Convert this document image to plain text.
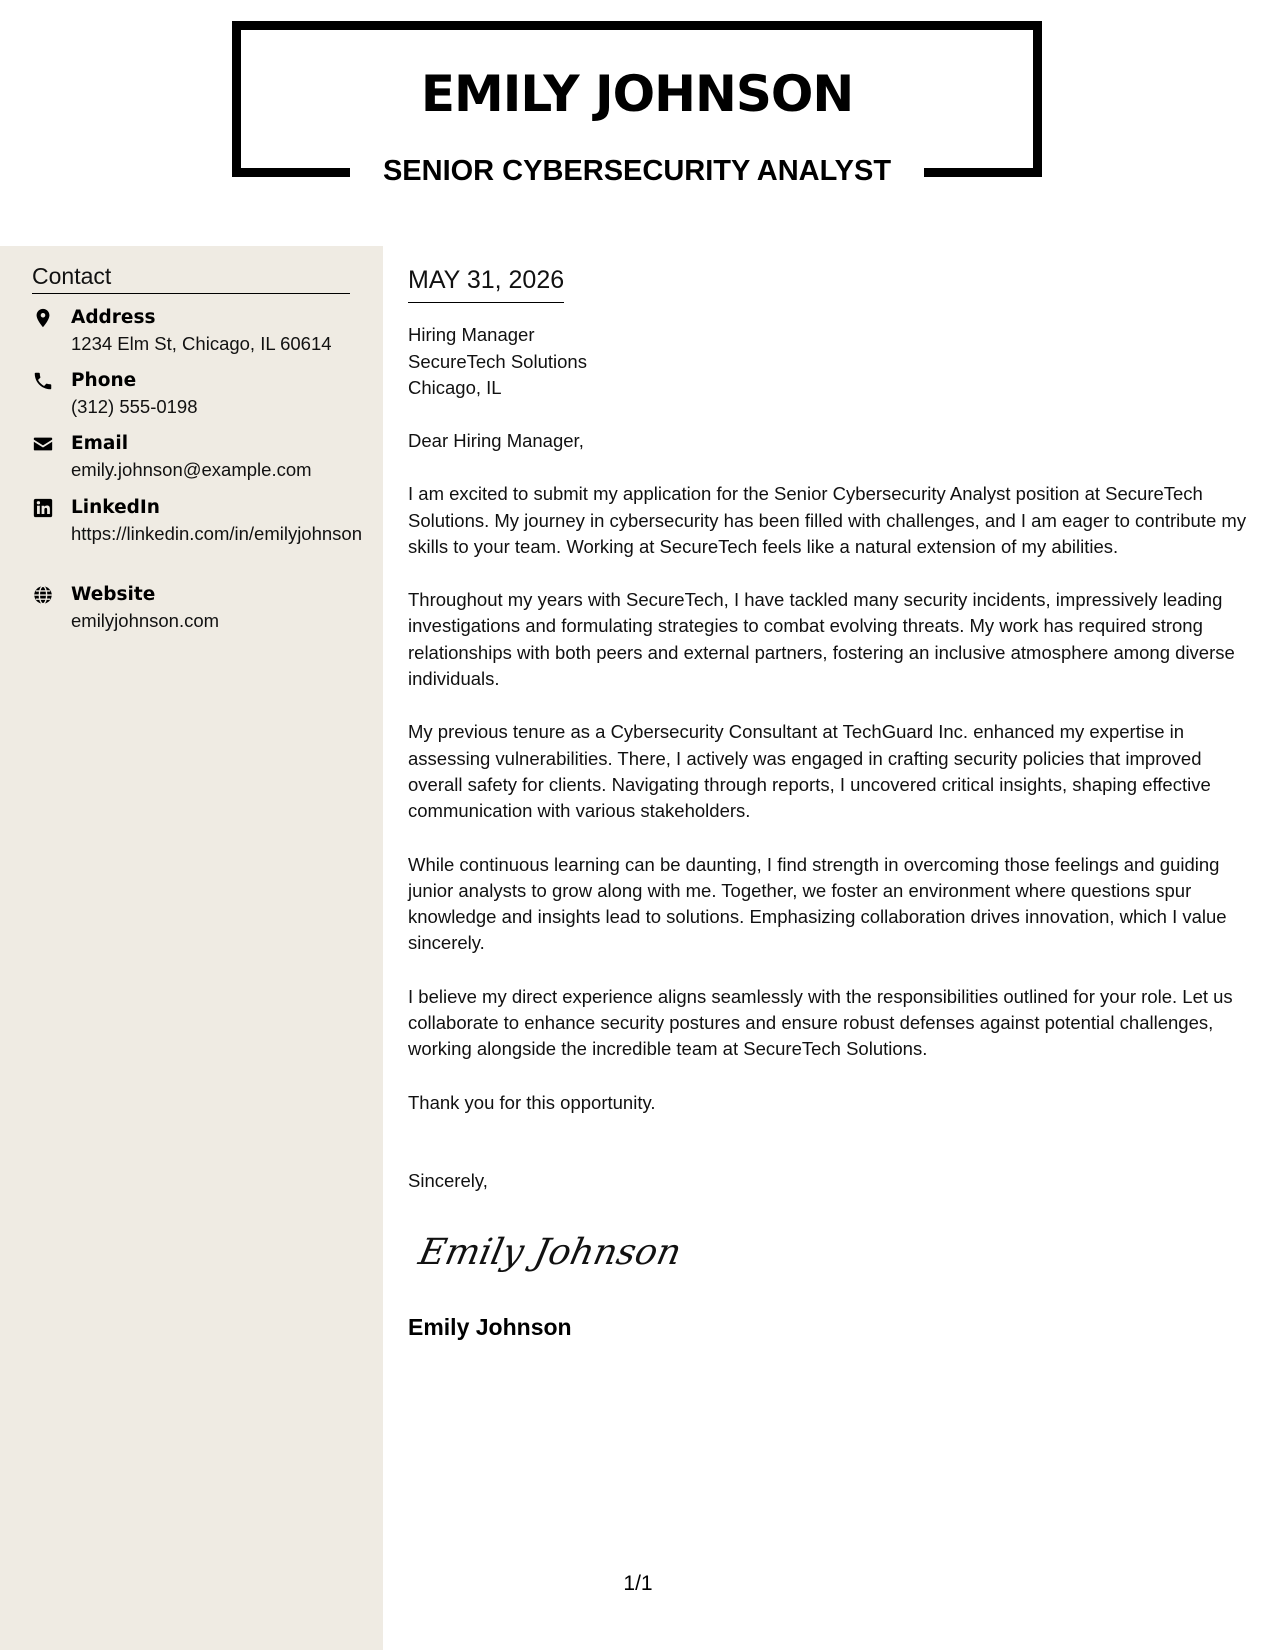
EMILY JOHNSON
SENIOR CYBERSECURITY ANALYST
Contact
Address
1234 Elm St, Chicago, IL 60614
Phone
(312) 555-0198
Email
emily.johnson@example.com
LinkedIn
https://linkedin.com/in/emilyjohnson
Website
emilyjohnson.com
MAY 31, 2026
Hiring Manager
SecureTech Solutions
Chicago, IL

Dear Hiring Manager,

I am excited to submit my application for the Senior Cybersecurity Analyst position at SecureTech Solutions. My journey in cybersecurity has been filled with challenges, and I am eager to contribute my skills to your team. Working at SecureTech feels like a natural extension of my abilities.

Throughout my years with SecureTech, I have tackled many security incidents, impressively leading investigations and formulating strategies to combat evolving threats. My work has required strong relationships with both peers and external partners, fostering an inclusive atmosphere among diverse individuals.

My previous tenure as a Cybersecurity Consultant at TechGuard Inc. enhanced my expertise in assessing vulnerabilities. There, I actively was engaged in crafting security policies that improved overall safety for clients. Navigating through reports, I uncovered critical insights, shaping effective communication with various stakeholders.

While continuous learning can be daunting, I find strength in overcoming those feelings and guiding junior analysts to grow along with me. Together, we foster an environment where questions spur knowledge and insights lead to solutions. Emphasizing collaboration drives innovation, which I value sincerely.

I believe my direct experience aligns seamlessly with the responsibilities outlined for your role. Let us collaborate to enhance security postures and ensure robust defenses against potential challenges, working alongside the incredible team at SecureTech Solutions.

Thank you for this opportunity.

Sincerely,
Emily Johnson
Emily Johnson
1/1
